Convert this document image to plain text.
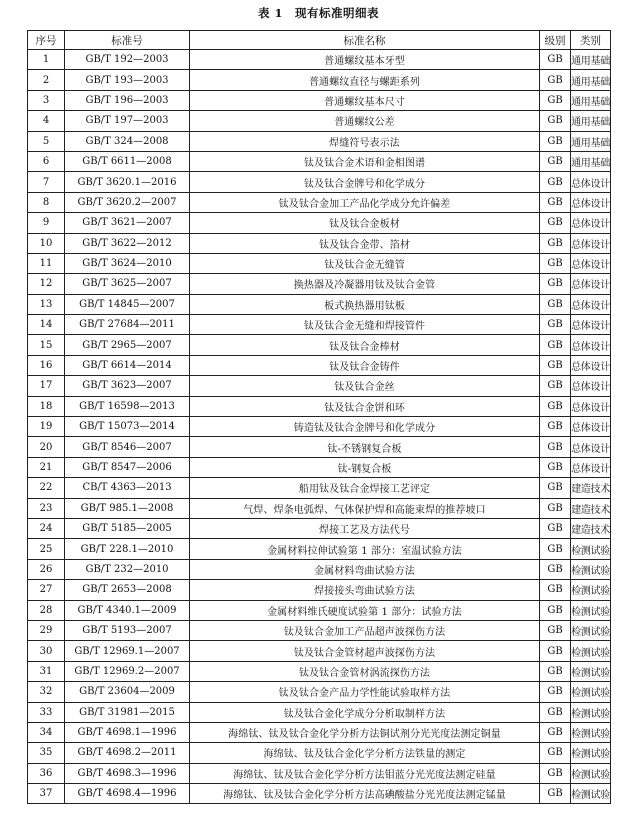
表 1　现有标准明细表
序号	标准号	标准名称	级别	类别
1	GB/T 192—2003	普通螺纹基本牙型	GB	通用基础
2	GB/T 193—2003	普通螺纹直径与螺距系列	GB	通用基础
3	GB/T 196—2003	普通螺纹基本尺寸	GB	通用基础
4	GB/T 197—2003	普通螺纹公差	GB	通用基础
5	GB/T 324—2008	焊缝符号表示法	GB	通用基础
6	GB/T 6611—2008	钛及钛合金术语和金相图谱	GB	通用基础
7	GB/T 3620.1—2016	钛及钛合金牌号和化学成分	GB	总体设计
8	GB/T 3620.2—2007	钛及钛合金加工产品化学成分允许偏差	GB	总体设计
9	GB/T 3621—2007	钛及钛合金板材	GB	总体设计
10	GB/T 3622—2012	钛及钛合金带、箔材	GB	总体设计
11	GB/T 3624—2010	钛及钛合金无缝管	GB	总体设计
12	GB/T 3625—2007	换热器及冷凝器用钛及钛合金管	GB	总体设计
13	GB/T 14845—2007	板式换热器用钛板	GB	总体设计
14	GB/T 27684—2011	钛及钛合金无缝和焊接管件	GB	总体设计
15	GB/T 2965—2007	钛及钛合金棒材	GB	总体设计
16	GB/T 6614—2014	钛及钛合金铸件	GB	总体设计
17	GB/T 3623—2007	钛及钛合金丝	GB	总体设计
18	GB/T 16598—2013	钛及钛合金饼和环	GB	总体设计
19	GB/T 15073—2014	铸造钛及钛合金牌号和化学成分	GB	总体设计
20	GB/T 8546—2007	钛-不锈钢复合板	GB	总体设计
21	GB/T 8547—2006	钛-钢复合板	GB	总体设计
22	CB/T 4363—2013	船用钛及钛合金焊接工艺评定	GB	建造技术
23	GB/T 985.1—2008	气焊、焊条电弧焊、气体保护焊和高能束焊的推荐坡口	GB	建造技术
24	GB/T 5185—2005	焊接工艺及方法代号	GB	建造技术
25	GB/T 228.1—2010	金属材料拉伸试验第 1 部分：室温试验方法	GB	检测试验
26	GB/T 232—2010	金属材料弯曲试验方法	GB	检测试验
27	GB/T 2653—2008	焊接接头弯曲试验方法	GB	检测试验
28	GB/T 4340.1—2009	金属材料维氏硬度试验第 1 部分：试验方法	GB	检测试验
29	GB/T 5193—2007	钛及钛合金加工产品超声波探伤方法	GB	检测试验
30	GB/T 12969.1—2007	钛及钛合金管材超声波探伤方法	GB	检测试验
31	GB/T 12969.2—2007	钛及钛合金管材涡流探伤方法	GB	检测试验
32	GB/T 23604—2009	钛及钛合金产品力学性能试验取样方法	GB	检测试验
33	GB/T 31981—2015	钛及钛合金化学成分分析取制样方法	GB	检测试验
34	GB/T 4698.1—1996	海绵钛、钛及钛合金化学分析方法铜试剂分光光度法测定铜量	GB	检测试验
35	GB/T 4698.2—2011	海绵钛、钛及钛合金化学分析方法铁量的测定	GB	检测试验
36	GB/T 4698.3—1996	海绵钛、钛及钛合金化学分析方法钼蓝分光光度法测定硅量	GB	检测试验
37	GB/T 4698.4—1996	海绵钛、钛及钛合金化学分析方法高碘酸盐分光光度法测定锰量	GB	检测试验
